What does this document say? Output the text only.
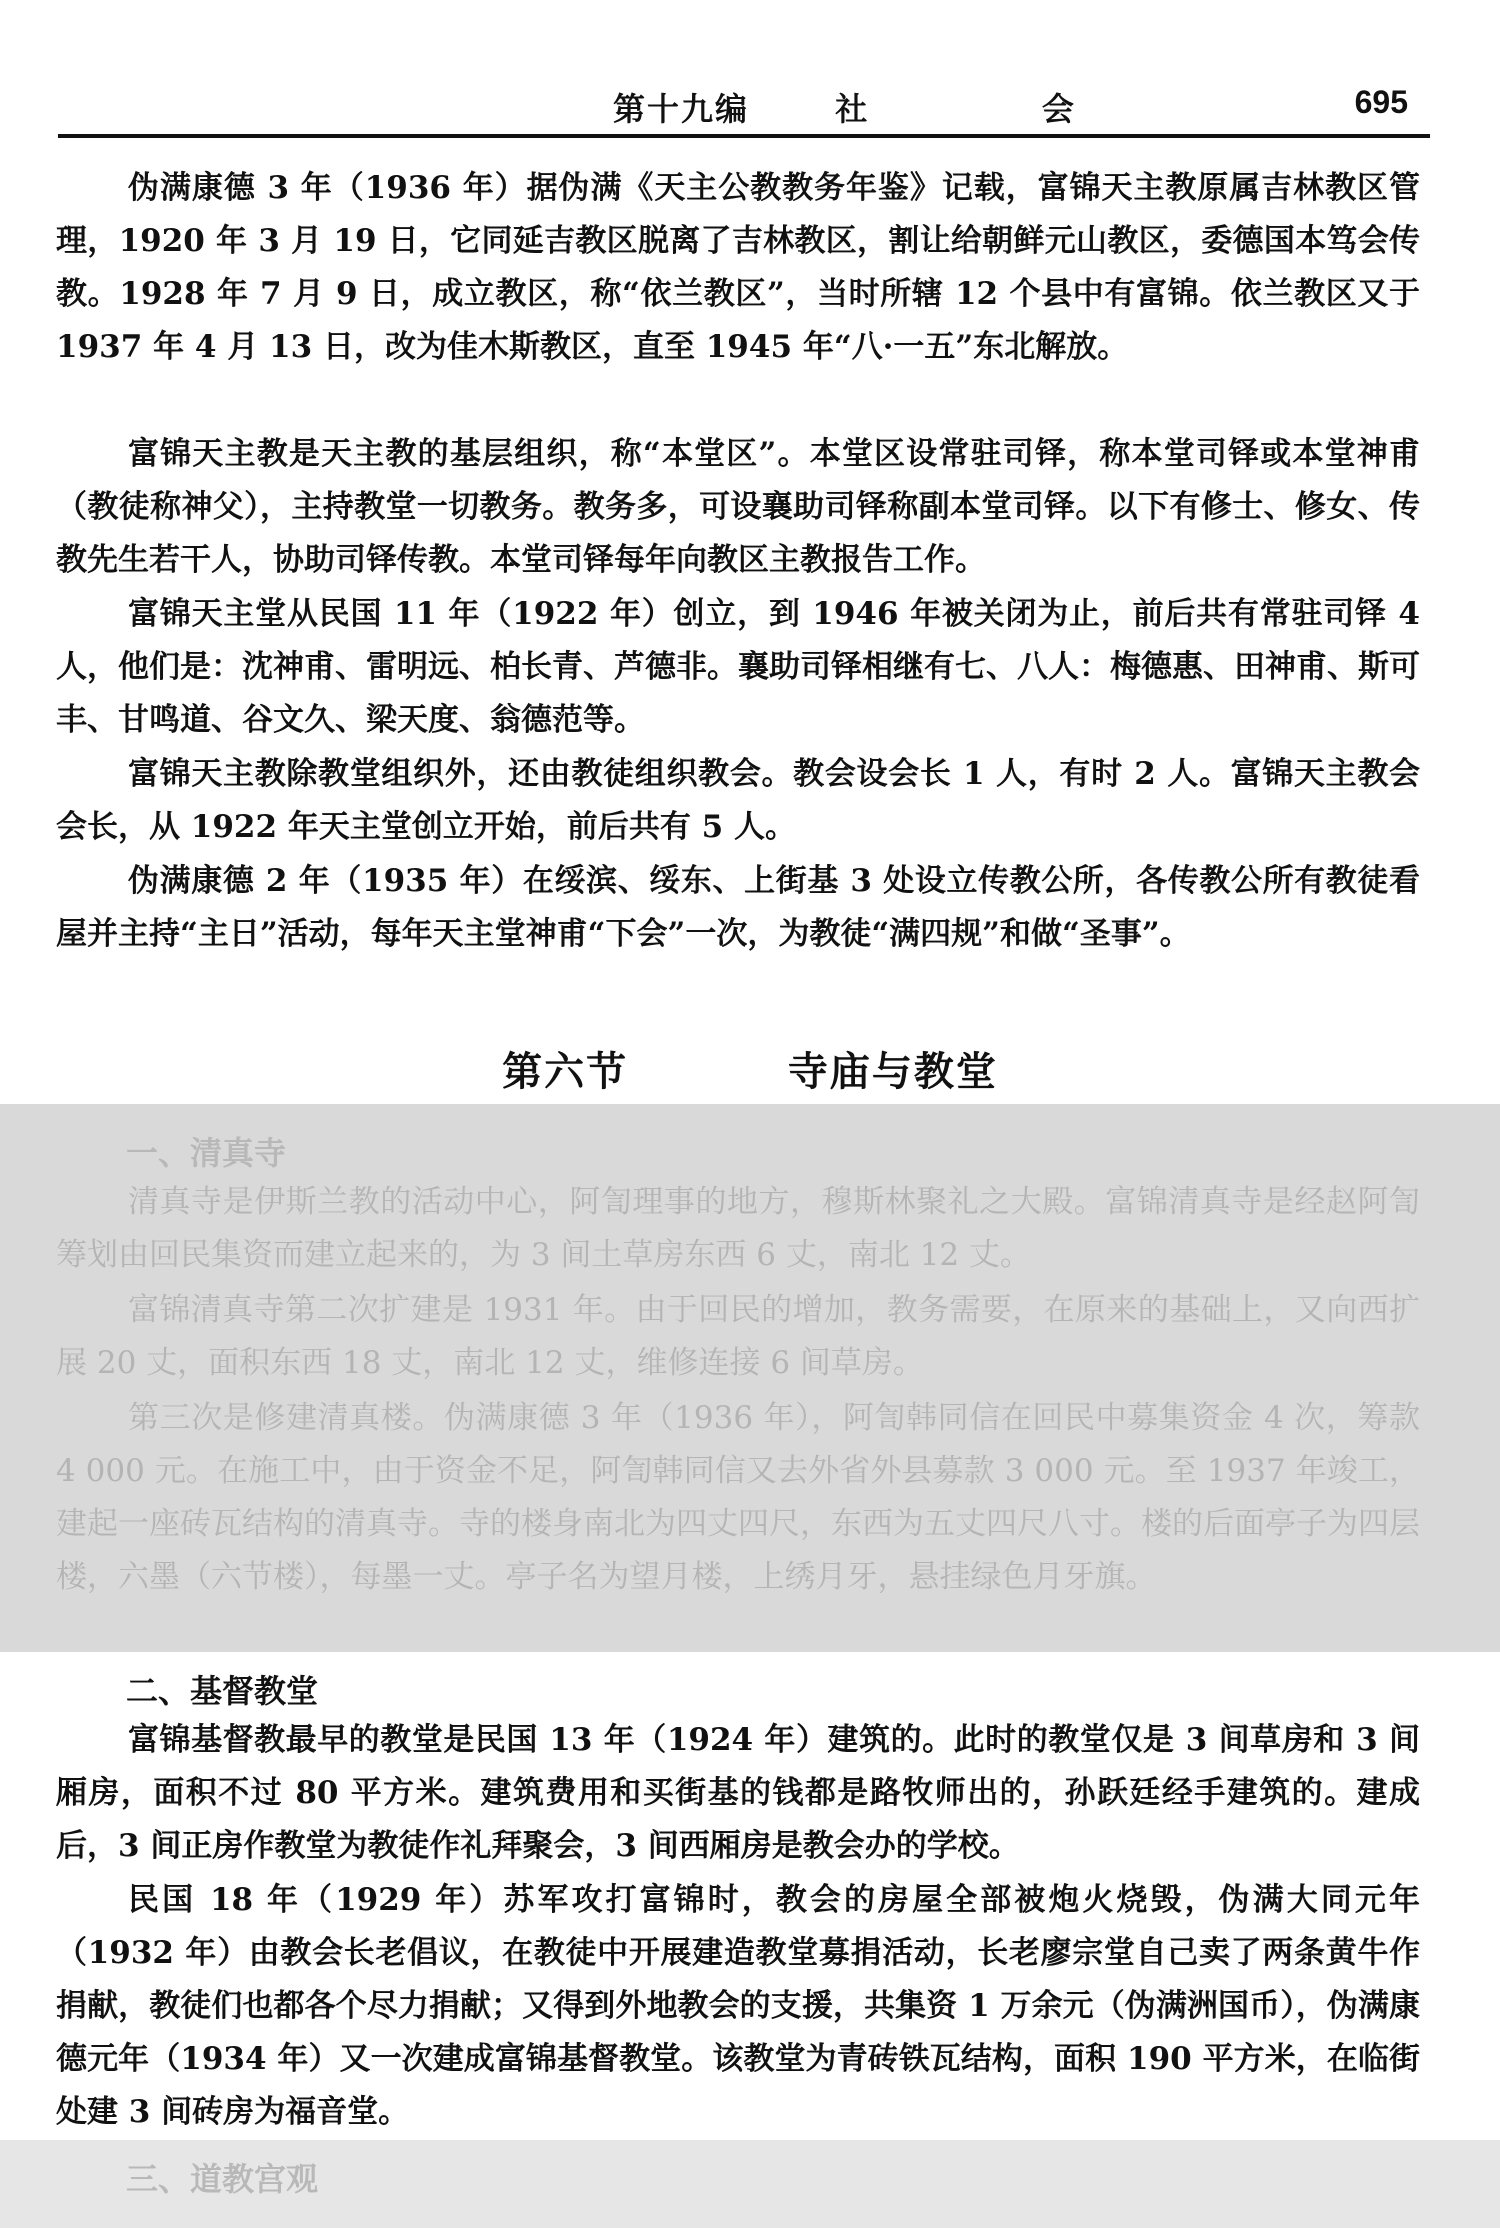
第十九编  社    会	695

伪满康德 3 年（1936 年）据伪满《天主公教教务年鉴》记载，富锦天主教原属吉林教区管理，1920 年 3 月 19 日，它同延吉教区脱离了吉林教区，割让给朝鲜元山教区，委德国本笃会传教。1928 年 7 月 9 日，成立教区，称“依兰教区”，当时所辖 12 个县中有富锦。依兰教区又于 1937 年 4 月 13 日，改为佳木斯教区，直至 1945 年“八·一五”东北解放。

富锦天主教是天主教的基层组织，称“本堂区”。本堂区设常驻司铎，称本堂司铎或本堂神甫（教徒称神父），主持教堂一切教务。教务多，可设襄助司铎称副本堂司铎。以下有修士、修女、传教先生若干人，协助司铎传教。本堂司铎每年向教区主教报告工作。

富锦天主堂从民国 11 年（1922 年）创立，到 1946 年被关闭为止，前后共有常驻司铎 4 人，他们是：沈神甫、雷明远、柏长青、芦德非。襄助司铎相继有七、八人：梅德惠、田神甫、斯可丰、甘鸣道、谷文久、梁天度、翁德范等。

富锦天主教除教堂组织外，还由教徒组织教会。教会设会长 1 人，有时 2 人。富锦天主教会会长，从 1922 年天主堂创立开始，前后共有 5 人。

伪满康德 2 年（1935 年）在绥滨、绥东、上街基 3 处设立传教公所，各传教公所有教徒看屋并主持“主日”活动，每年天主堂神甫“下会”一次，为教徒“满四规”和做“圣事”。

第六节    寺庙与教堂
一、清真寺

清真寺是伊斯兰教的活动中心，阿訇理事的地方，穆斯林聚礼之大殿。富锦清真寺是经赵阿訇筹划由回民集资而建立起来的，为 3 间土草房东西 6 丈，南北 12 丈。

富锦清真寺第二次扩建是 1931 年。由于回民的增加，教务需要，在原来的基础上，又向西扩展 20 丈，面积东西 18 丈，南北 12 丈，维修连接 6 间草房。

第三次是修建清真楼。伪满康德 3 年（1936 年），阿訇韩同信在回民中募集资金 4 次，筹款 4 000 元。在施工中，由于资金不足，阿訇韩同信又去外省外县募款 3 000 元。至 1937 年竣工，建起一座砖瓦结构的清真寺。寺的楼身南北为四丈四尺，东西为五丈四尺八寸。楼的后面亭子为四层楼，六墨（六节楼），每墨一丈。亭子名为望月楼，上绣月牙，悬挂绿色月牙旗。

二、基督教堂

富锦基督教最早的教堂是民国 13 年（1924 年）建筑的。此时的教堂仅是 3 间草房和 3 间厢房，面积不过 80 平方米。建筑费用和买街基的钱都是路牧师出的，孙跃廷经手建筑的。建成后，3 间正房作教堂为教徒作礼拜聚会，3 间西厢房是教会办的学校。

民国 18 年（1929 年）苏军攻打富锦时，教会的房屋全部被炮火烧毁，伪满大同元年（1932 年）由教会长老倡议，在教徒中开展建造教堂募捐活动，长老廖宗堂自己卖了两条黄牛作捐献，教徒们也都各个尽力捐献；又得到外地教会的支援，共集资 1 万余元（伪满洲国币），伪满康德元年（1934 年）又一次建成富锦基督教堂。该教堂为青砖铁瓦结构，面积 190 平方米，在临街处建 3 间砖房为福音堂。

三、道教宫观
